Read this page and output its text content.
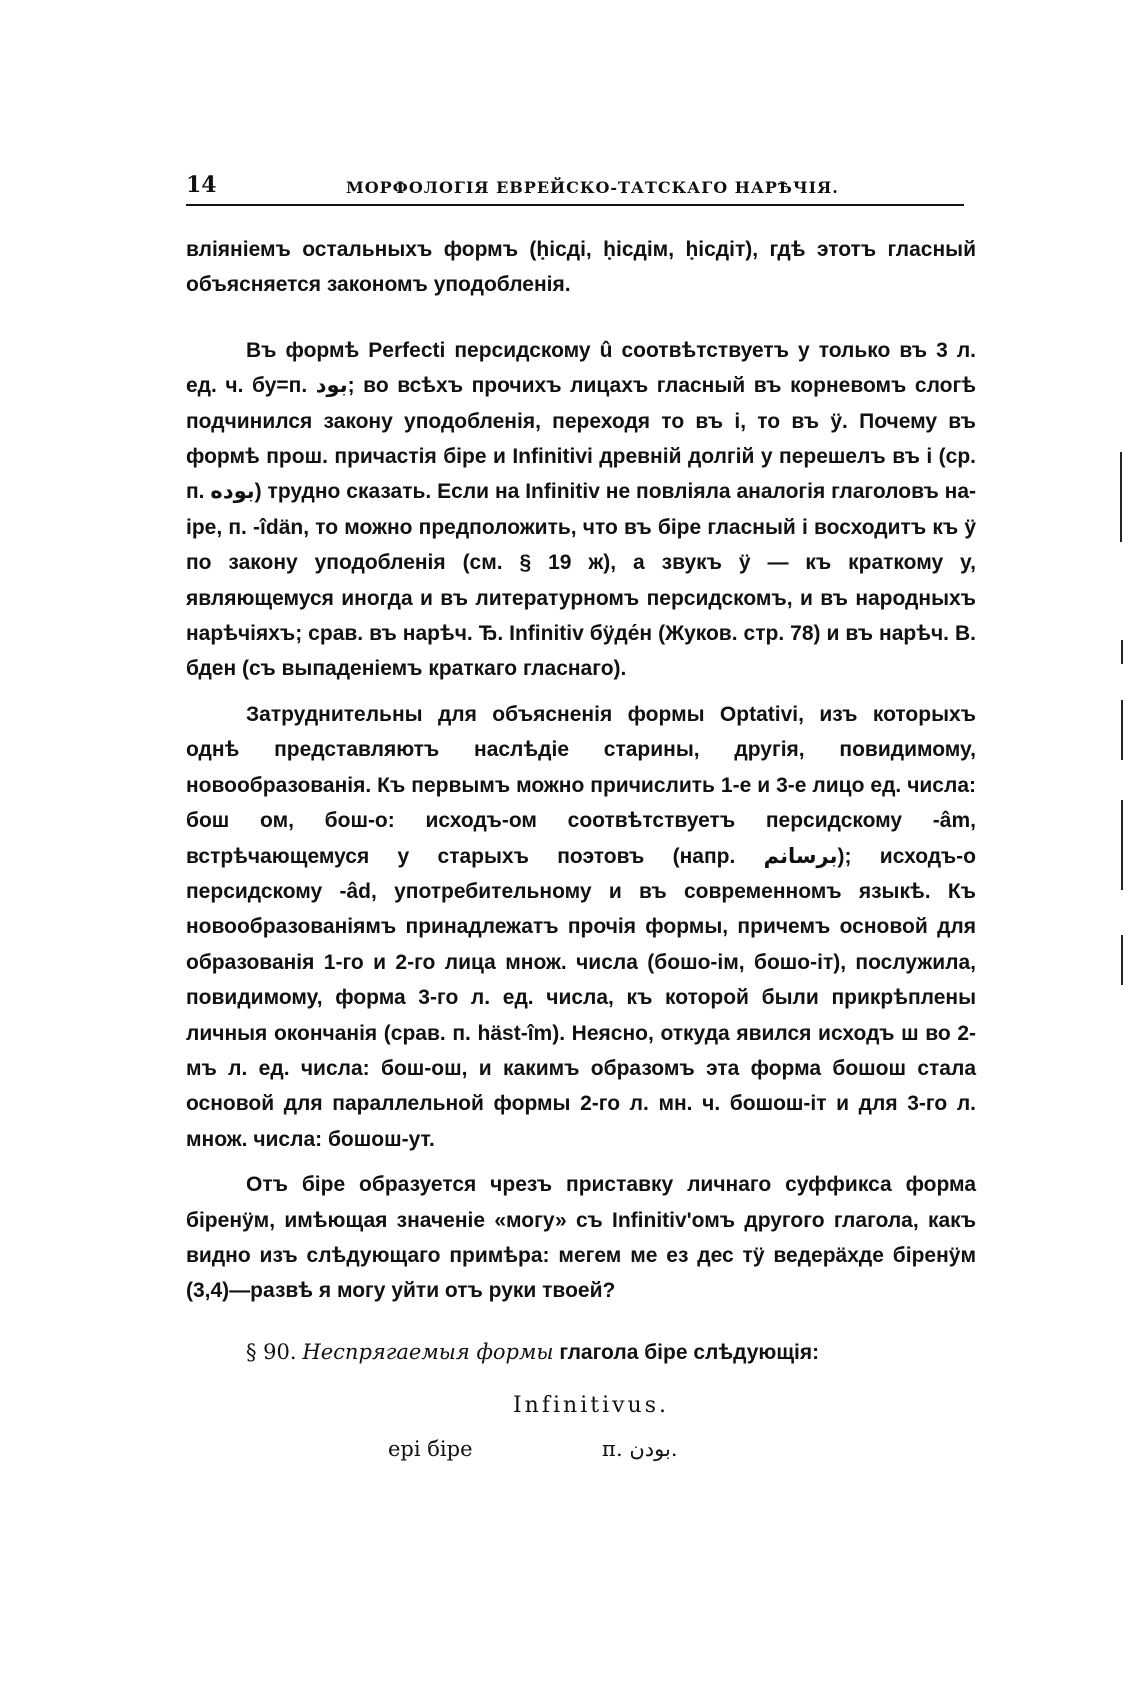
14	МОРФОЛОГІЯ ЕВРЕЙСКО-ТАТСКАГО НАРѢЧІЯ.

вліяніемъ остальныхъ формъ (ḥісді, ḥісдім, ḥісдіт), гдѣ этотъ гласный объясняется закономъ уподобленія.

Въ формѣ Perfecti персидскому û соотвѣтствуетъ у только въ 3 л. ед. ч. бу=п. بود; во всѣхъ прочихъ лицахъ гласный въ корневомъ слогѣ подчинился закону уподобленія, переходя то въ і, то въ ӱ. Почему въ формѣ прош. причастія біре и Infinitivi древній долгій у перешелъ въ і (ср. п. بوده) трудно сказать. Если на Infinitiv не повліяла аналогія глаголовъ на-іре, п. -îdän, то можно предположить, что въ біре гласный і восходитъ къ ӱ по закону уподобленія (см. § 19 ж), а звукъ ӱ — къ краткому у, являющемуся иногда и въ литературномъ персидскомъ, и въ народныхъ нарѣчіяхъ; срав. въ нарѣч. Ђ. Infinitiv бӱде́н (Жуков. стр. 78) и въ нарѣч. В. бден (съ выпаденіемъ краткаго гласнаго).

Затруднительны для объясненія формы Optativi, изъ которыхъ однѣ представляютъ наслѣдіе старины, другія, повидимому, новообразованія. Къ первымъ можно причислить 1-е и 3-е лицо ед. числа: бош ом, бош-о: исходъ-ом соотвѣтствуетъ персидскому -âm, встрѣчающемуся у старыхъ поэтовъ (напр. برسانم); исходъ-о персидскому -âd, употребительному и въ современномъ языкѣ. Къ новообразованіямъ принадлежатъ прочія формы, причемъ основой для образованія 1-го и 2-го лица множ. числа (бошо-ім, бошо-іт), послужила, повидимому, форма 3-го л. ед. числа, къ которой были прикрѣплены личныя окончанія (срав. п. häst-îm). Неясно, откуда явился исходъ ш во 2-мъ л. ед. числа: бош-ош, и какимъ образомъ эта форма бошош стала основой для параллельной формы 2-го л. мн. ч. бошош-іт и для 3-го л. множ. числа: бошош-ут.

Отъ біре образуется чрезъ приставку личнаго суффикса форма біренӱм, имѣющая значеніе «могу» съ Infinitiv'омъ другого глагола, какъ видно изъ слѣдующаго примѣра: мегем ме ез дес тӱ ведерäхде біренӱм (3,4)—развѣ я могу уйти отъ руки твоей?

§ 90. Неспрягаемыя формы глагола біре слѣдующія:

Infinitivus.
ері біре	п. بودن.
